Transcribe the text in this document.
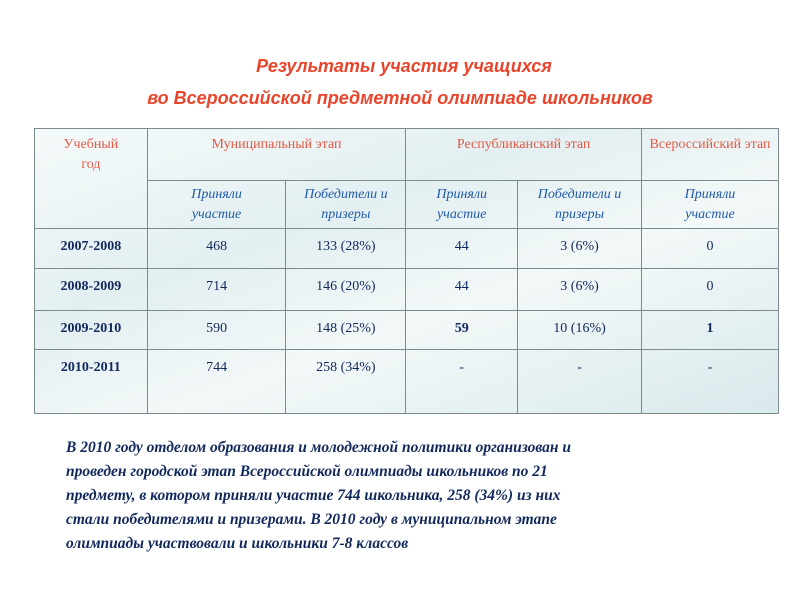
Результаты участия учащихся
во Всероссийской предметной олимпиаде школьников
Учебный год	Муниципальный этап		Республиканский этап		Всероссийский этап
	Приняли участие	Победители и призеры	Приняли участие	Победители и призеры	Приняли участие
2007-2008	468	133 (28%)	44	3 (6%)	0
2008-2009	714	146 (20%)	44	3 (6%)	0
2009-2010	590	148 (25%)	59	10 (16%)	1
2010-2011	744	258 (34%)	-	-	-
В 2010 году отделом образования и молодежной политики организован и
проведен городской этап Всероссийской олимпиады школьников по 21
предмету, в котором приняли участие 744 школьника, 258 (34%) из них
стали победителями и призерами. В 2010 году в муниципальном этапе
олимпиады участвовали и школьники 7-8 классов
